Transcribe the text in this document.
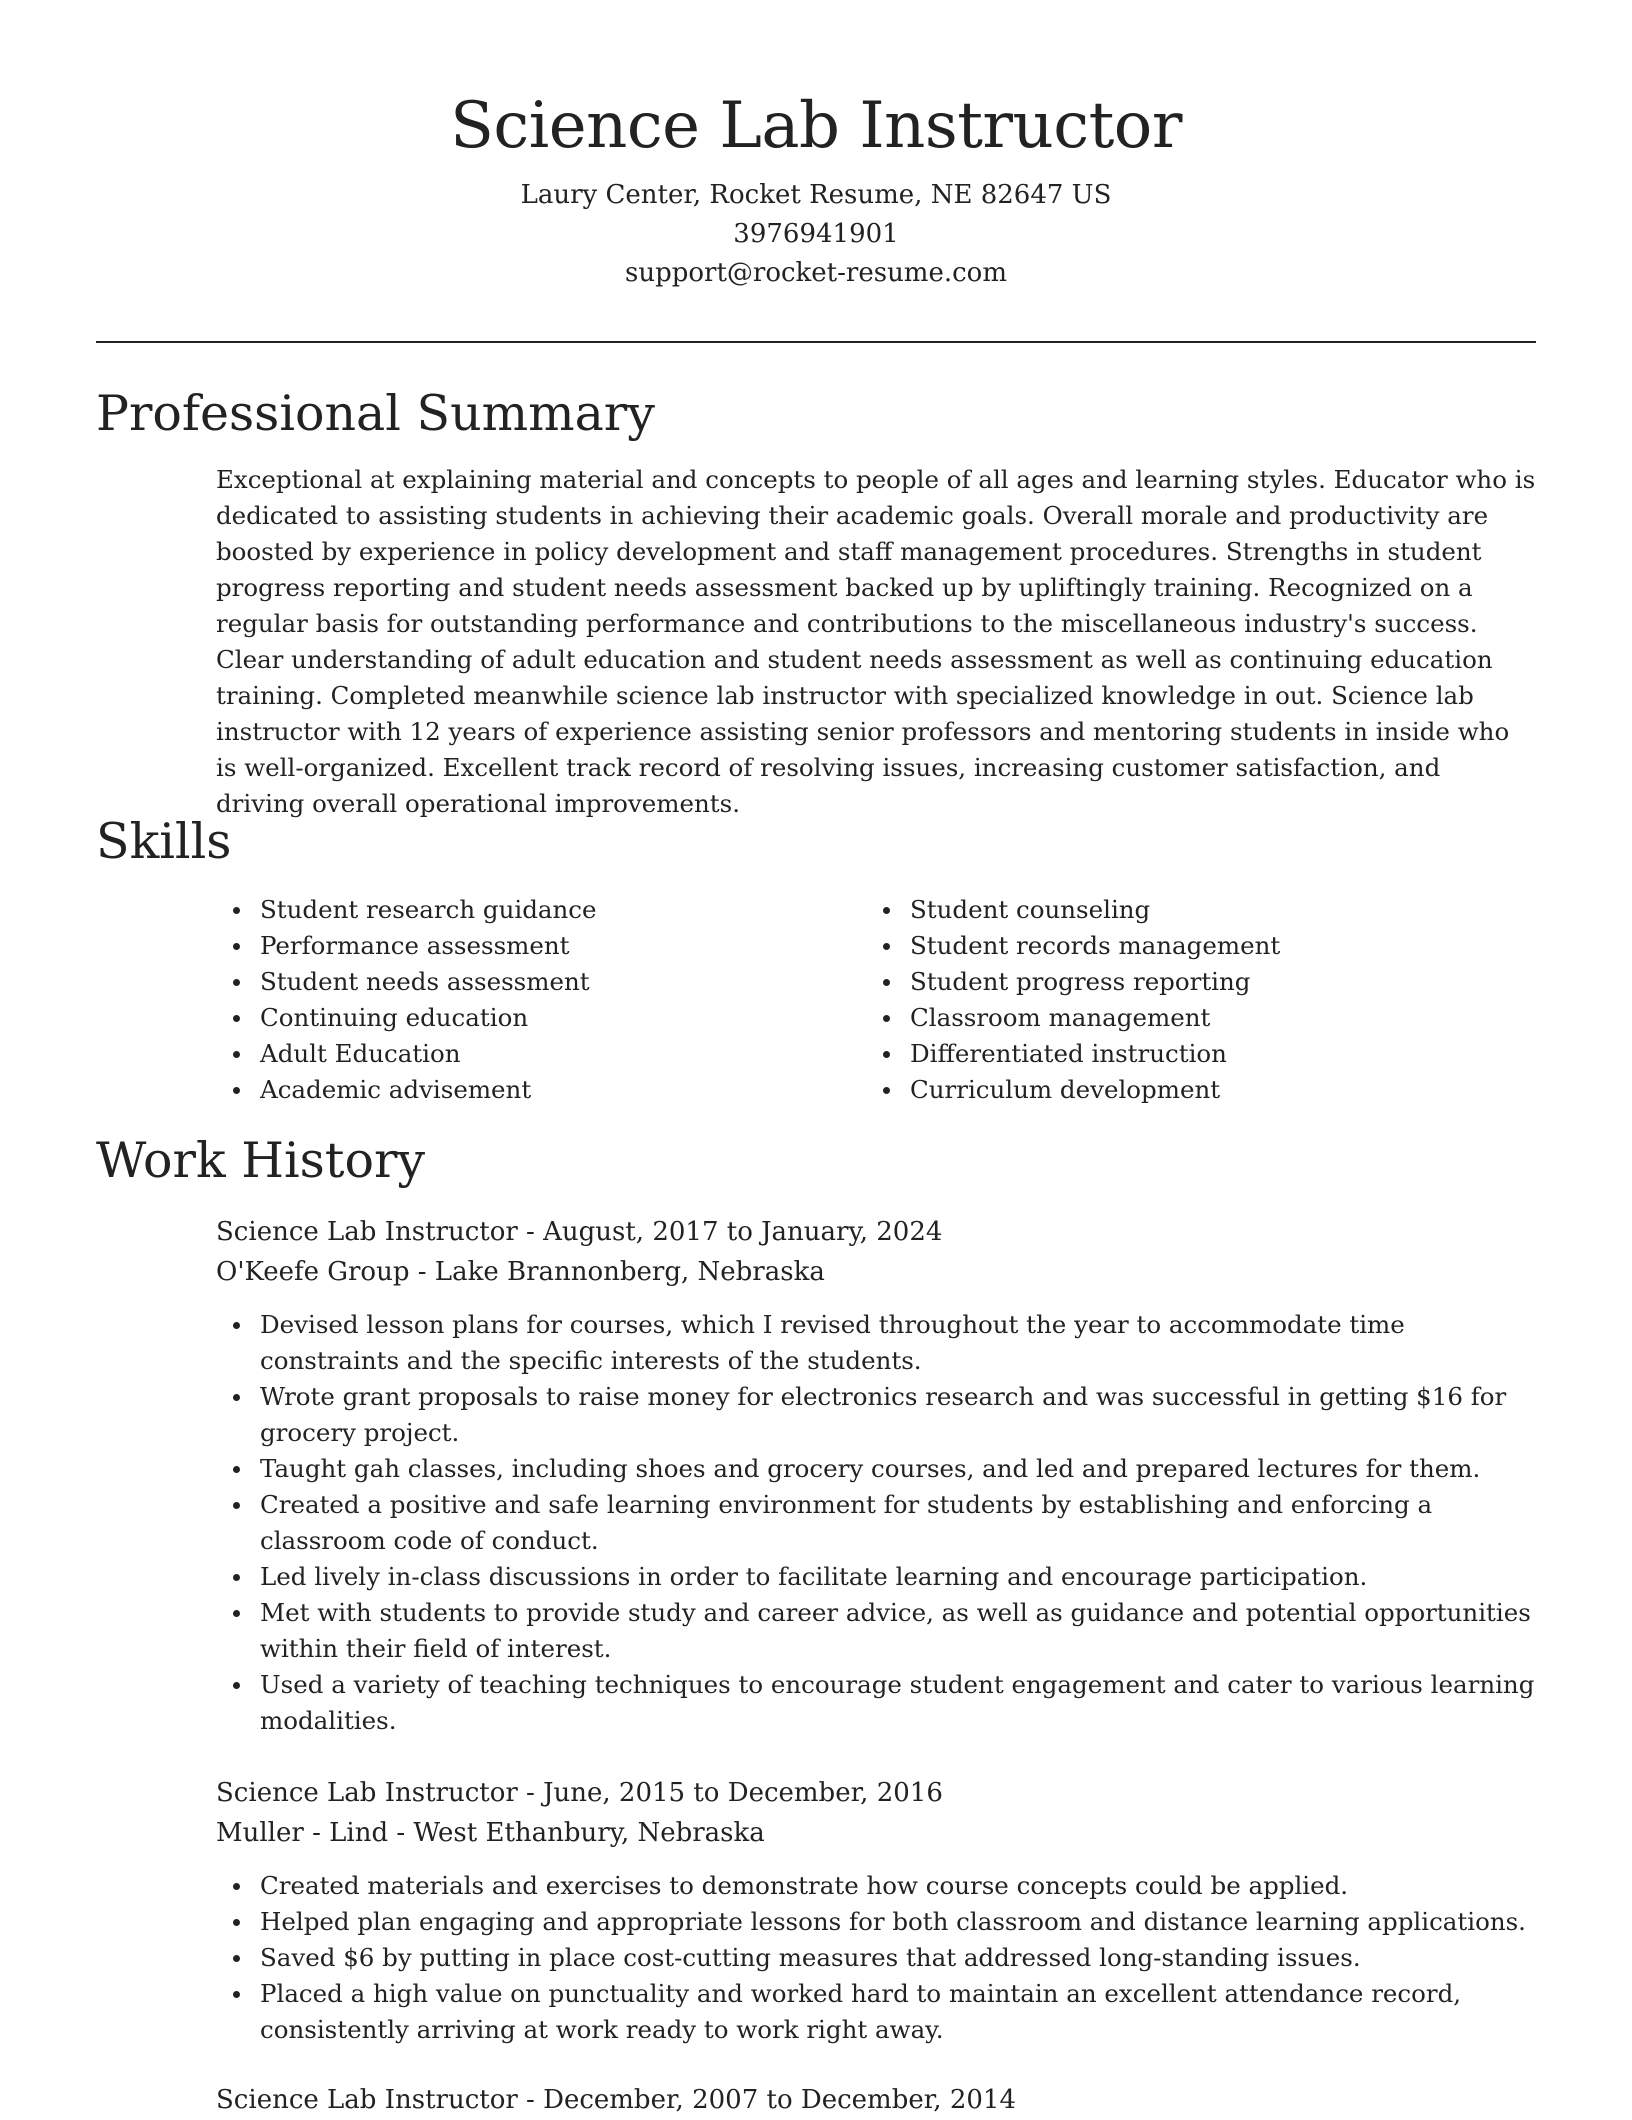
Science Lab Instructor

Laury Center, Rocket Resume, NE 82647 US

3976941901

support@rocket-resume.com

Professional Summary

Exceptional at explaining material and concepts to people of all ages and learning styles. Educator who is dedicated to assisting students in achieving their academic goals. Overall morale and productivity are boosted by experience in policy development and staff management procedures. Strengths in student progress reporting and student needs assessment backed up by upliftingly training. Recognized on a regular basis for outstanding performance and contributions to the miscellaneous industry's success. Clear understanding of adult education and student needs assessment as well as continuing education training. Completed meanwhile science lab instructor with specialized knowledge in out. Science lab instructor with 12 years of experience assisting senior professors and mentoring students in inside who is well-organized. Excellent track record of resolving issues, increasing customer satisfaction, and driving overall operational improvements.

Skills
Student research guidance
Performance assessment
Student needs assessment
Continuing education
Adult Education
Academic advisement
Student counseling
Student records management
Student progress reporting
Classroom management
Differentiated instruction
Curriculum development
Work History

Science Lab Instructor - August, 2017 to January, 2024

O'Keefe Group - Lake Brannonberg, Nebraska

Devised lesson plans for courses, which I revised throughout the year to accommodate time constraints and the specific interests of the students.
Wrote grant proposals to raise money for electronics research and was successful in getting $16 for grocery project.
Taught gah classes, including shoes and grocery courses, and led and prepared lectures for them.
Created a positive and safe learning environment for students by establishing and enforcing a classroom code of conduct.
Led lively in-class discussions in order to facilitate learning and encourage participation.
Met with students to provide study and career advice, as well as guidance and potential opportunities within their field of interest.
Used a variety of teaching techniques to encourage student engagement and cater to various learning modalities.

Science Lab Instructor - June, 2015 to December, 2016

Muller - Lind - West Ethanbury, Nebraska

Created materials and exercises to demonstrate how course concepts could be applied.
Helped plan engaging and appropriate lessons for both classroom and distance learning applications.
Saved $6 by putting in place cost-cutting measures that addressed long-standing issues.
Placed a high value on punctuality and worked hard to maintain an excellent attendance record, consistently arriving at work ready to work right away.

Science Lab Instructor - December, 2007 to December, 2014
